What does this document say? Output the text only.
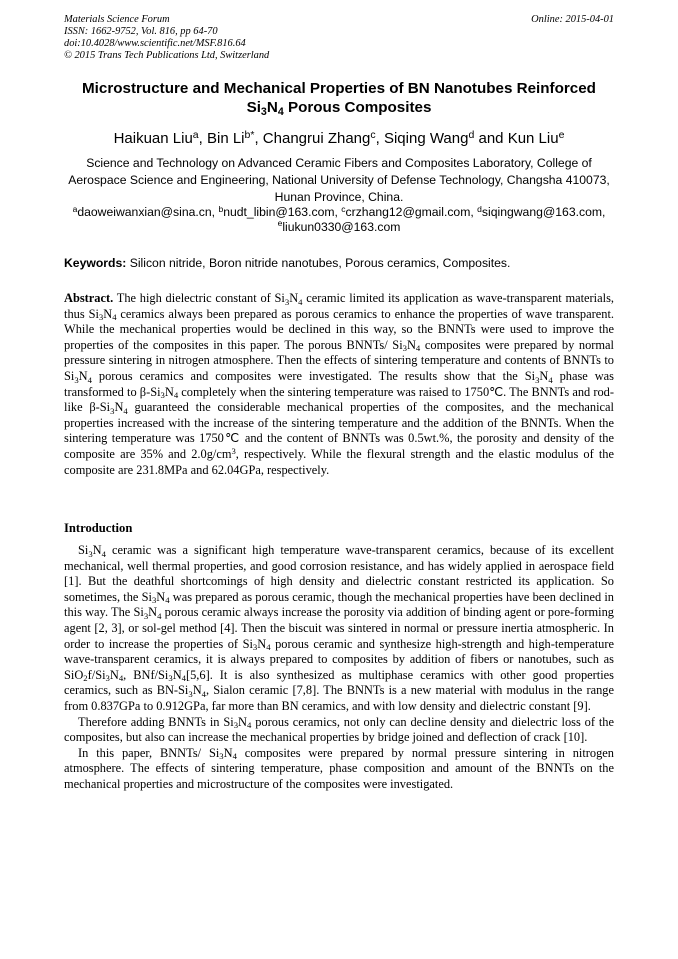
Materials Science Forum	Online: 2015-04-01
ISSN: 1662-9752, Vol. 816, pp 64-70
doi:10.4028/www.scientific.net/MSF.816.64
© 2015 Trans Tech Publications Ltd, Switzerland
Microstructure and Mechanical Properties of BN Nanotubes Reinforced
$Si_3N_4$ Porous Composites
Haikuan Liu$^a$, Bin $Li^{b*}$, Changrui Zhang$^c$, Siqing Wang$^d$ and Kun Liu$^e$
Science and Technology on Advanced Ceramic Fibers and Composites Laboratory, College of Aerospace Science and Engineering, National University of Defense Technology, Changsha 410073, Hunan Province, China.
$^a$daoweiwanxian@sina.cn, $^b$nudt_libin@163.com, $^c$crzhang12@gmail.com, $^d$siqingwang@163.com,
$^e$liukun0330@163.com
Keywords: Silicon nitride, Boron nitride nanotubes, Porous ceramics, Composites.

Abstract. The high dielectric constant of $Si_3N_4$ ceramic limited its application as wave-transparent materials, thus $Si_3N_4$ ceramics always been prepared as porous ceramics to enhance the properties of wave transparent. While the mechanical properties would be declined in this way, so the BNNTs were used to improve the properties of the composites in this paper. The porous BNNTs/ $Si_3N_4$ composites were prepared by normal pressure sintering in nitrogen atmosphere. Then the effects of sintering temperature and contents of BNNTs to $Si_3N_4$ porous ceramics and composites were investigated. The results show that the $Si_3N_4$ phase was transformed to $\beta-Si_3N_4$ completely when the sintering temperature was raised to 1750℃. The BNNTs and rod-like $\beta-Si_3N_4$ guaranteed the considerable mechanical properties of the composites, and the mechanical properties increased with the increase of the sintering temperature and the addition of the BNNTs. When the sintering temperature was 1750℃ and the content of BNNTs was 0.5wt.%, the porosity and density of the composite are 35% and $2.0g/cm^3$, respectively. While the flexural strength and the elastic modulus of the composite are 231.8MPa and 62.04GPa, respectively.

Introduction

$Si_3N_4$ ceramic was a significant high temperature wave-transparent ceramics, because of its excellent mechanical, well thermal properties, and good corrosion resistance, and has widely applied in aerospace field [1]. But the deathful shortcomings of high density and dielectric constant restricted its application. So sometimes, the $Si_3N_4$ was prepared as porous ceramic, though the mechanical properties have been declined in this way. The $Si_3N_4$ porous ceramic always increase the porosity via addition of binding agent or pore-forming agent [2, 3], or sol-gel method [4]. Then the biscuit was sintered in normal or pressure inertia atmospheric. In order to increase the properties of $Si_3N_4$ porous ceramic and synthesize high-strength and high-temperature wave-transparent ceramics, it is always prepared to composites by addition of fibers or nanotubes, such as $SiO_2f/Si_3N_4$, BNf/$Si_3N_4[5,6]$. It is also synthesized as multiphase ceramics with other good properties ceramics, such as $BN-Si_3N_4$, Sialon ceramic [7,8]. The BNNTs is a new material with modulus in the range from 0.837GPa to 0.912GPa, far more than BN ceramics, and with low density and dielectric constant [9].

Therefore adding BNNTs in $Si_3N_4$ porous ceramics, not only can decline density and dielectric loss of the composites, but also can increase the mechanical properties by bridge joined and deflection of crack [10].

In this paper, BNNTs/ $Si_3N_4$ composites were prepared by normal pressure sintering in nitrogen atmosphere. The effects of sintering temperature, phase composition and amount of the BNNTs on the mechanical properties and microstructure of the composites were investigated.
